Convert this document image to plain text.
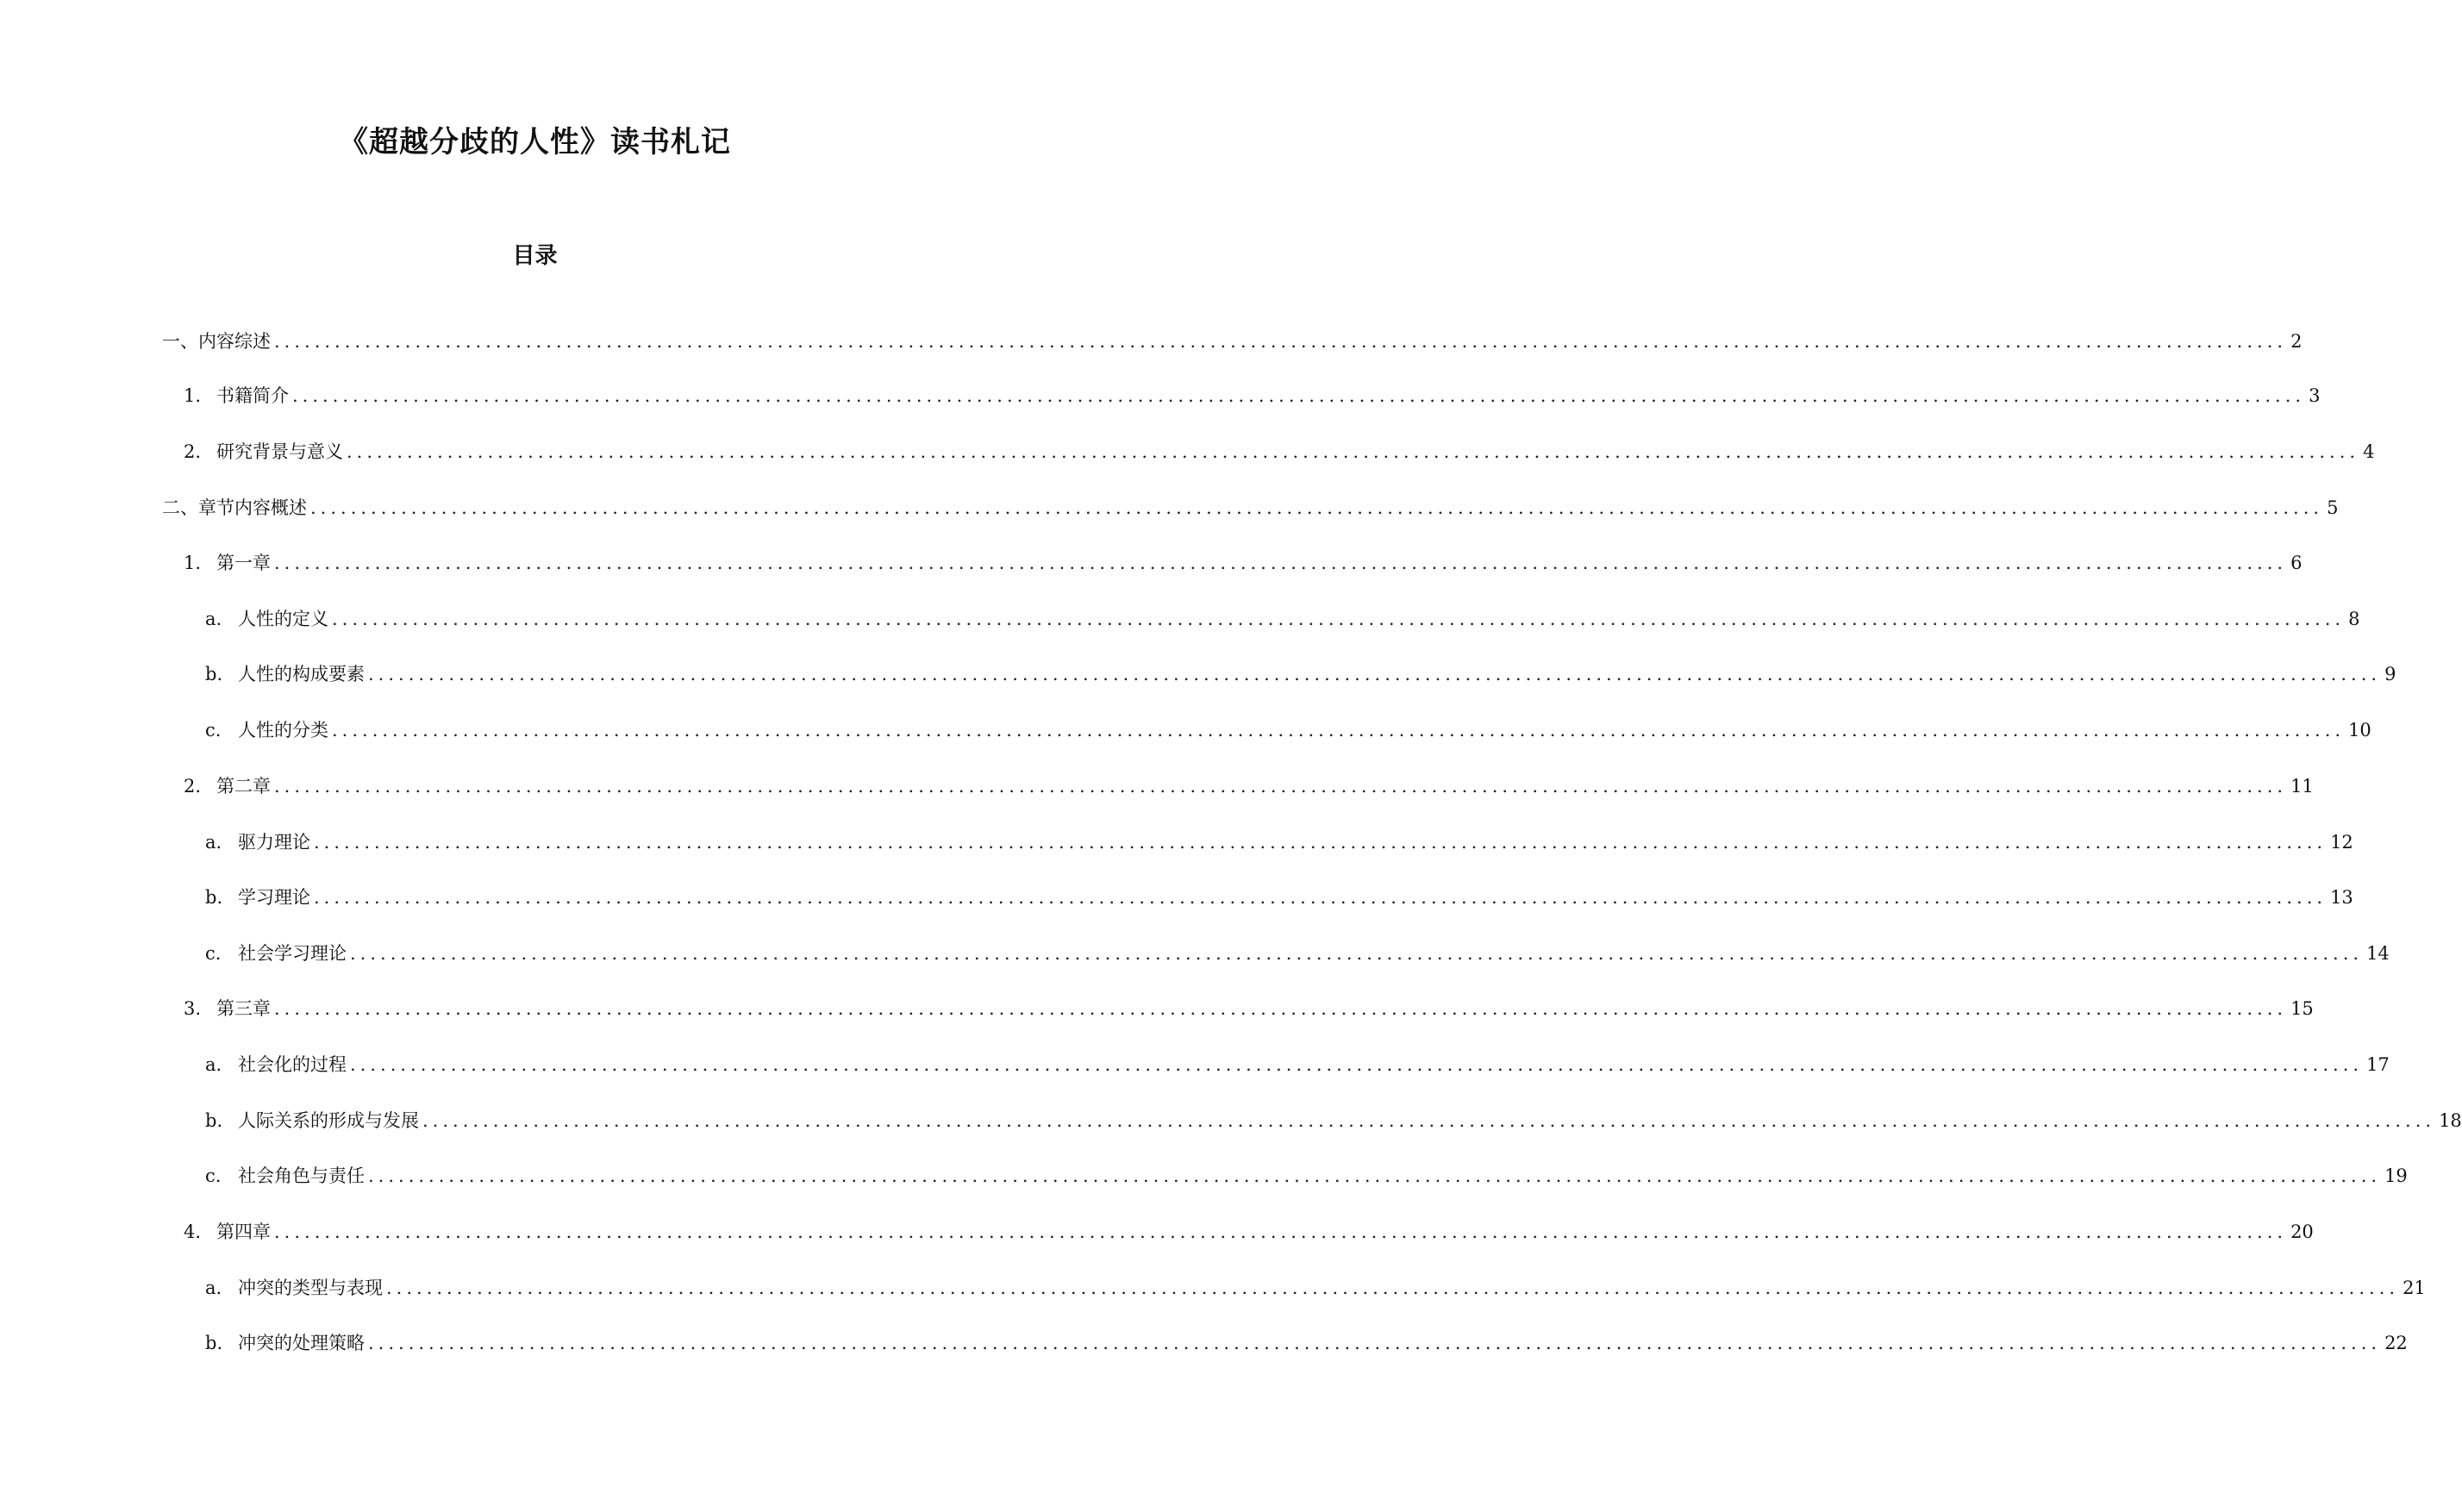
《超越分歧的人性》读书札记
目录
一、 内容综述 ........................................................................................................................................................................................................ 2
1. 书籍简介 ........................................................................................................................................................................................................ 3
2. 研究背景与意义 ........................................................................................................................................................................................................ 4
二、 章节内容概述 ........................................................................................................................................................................................................ 5
1. 第一章 ........................................................................................................................................................................................................ 6
a. 人性的定义 ........................................................................................................................................................................................................ 8
b. 人性的构成要素 ........................................................................................................................................................................................................ 9
c. 人性的分类 ........................................................................................................................................................................................................ 10
2. 第二章 ........................................................................................................................................................................................................ 11
a. 驱力理论 ........................................................................................................................................................................................................ 12
b. 学习理论 ........................................................................................................................................................................................................ 13
c. 社会学习理论 ........................................................................................................................................................................................................ 14
3. 第三章 ........................................................................................................................................................................................................ 15
a. 社会化的过程 ........................................................................................................................................................................................................ 17
b. 人际关系的形成与发展 ........................................................................................................................................................................................................ 18
c. 社会角色与责任 ........................................................................................................................................................................................................ 19
4. 第四章 ........................................................................................................................................................................................................ 20
a. 冲突的类型与表现 ........................................................................................................................................................................................................ 21
b. 冲突的处理策略 ........................................................................................................................................................................................................ 22
